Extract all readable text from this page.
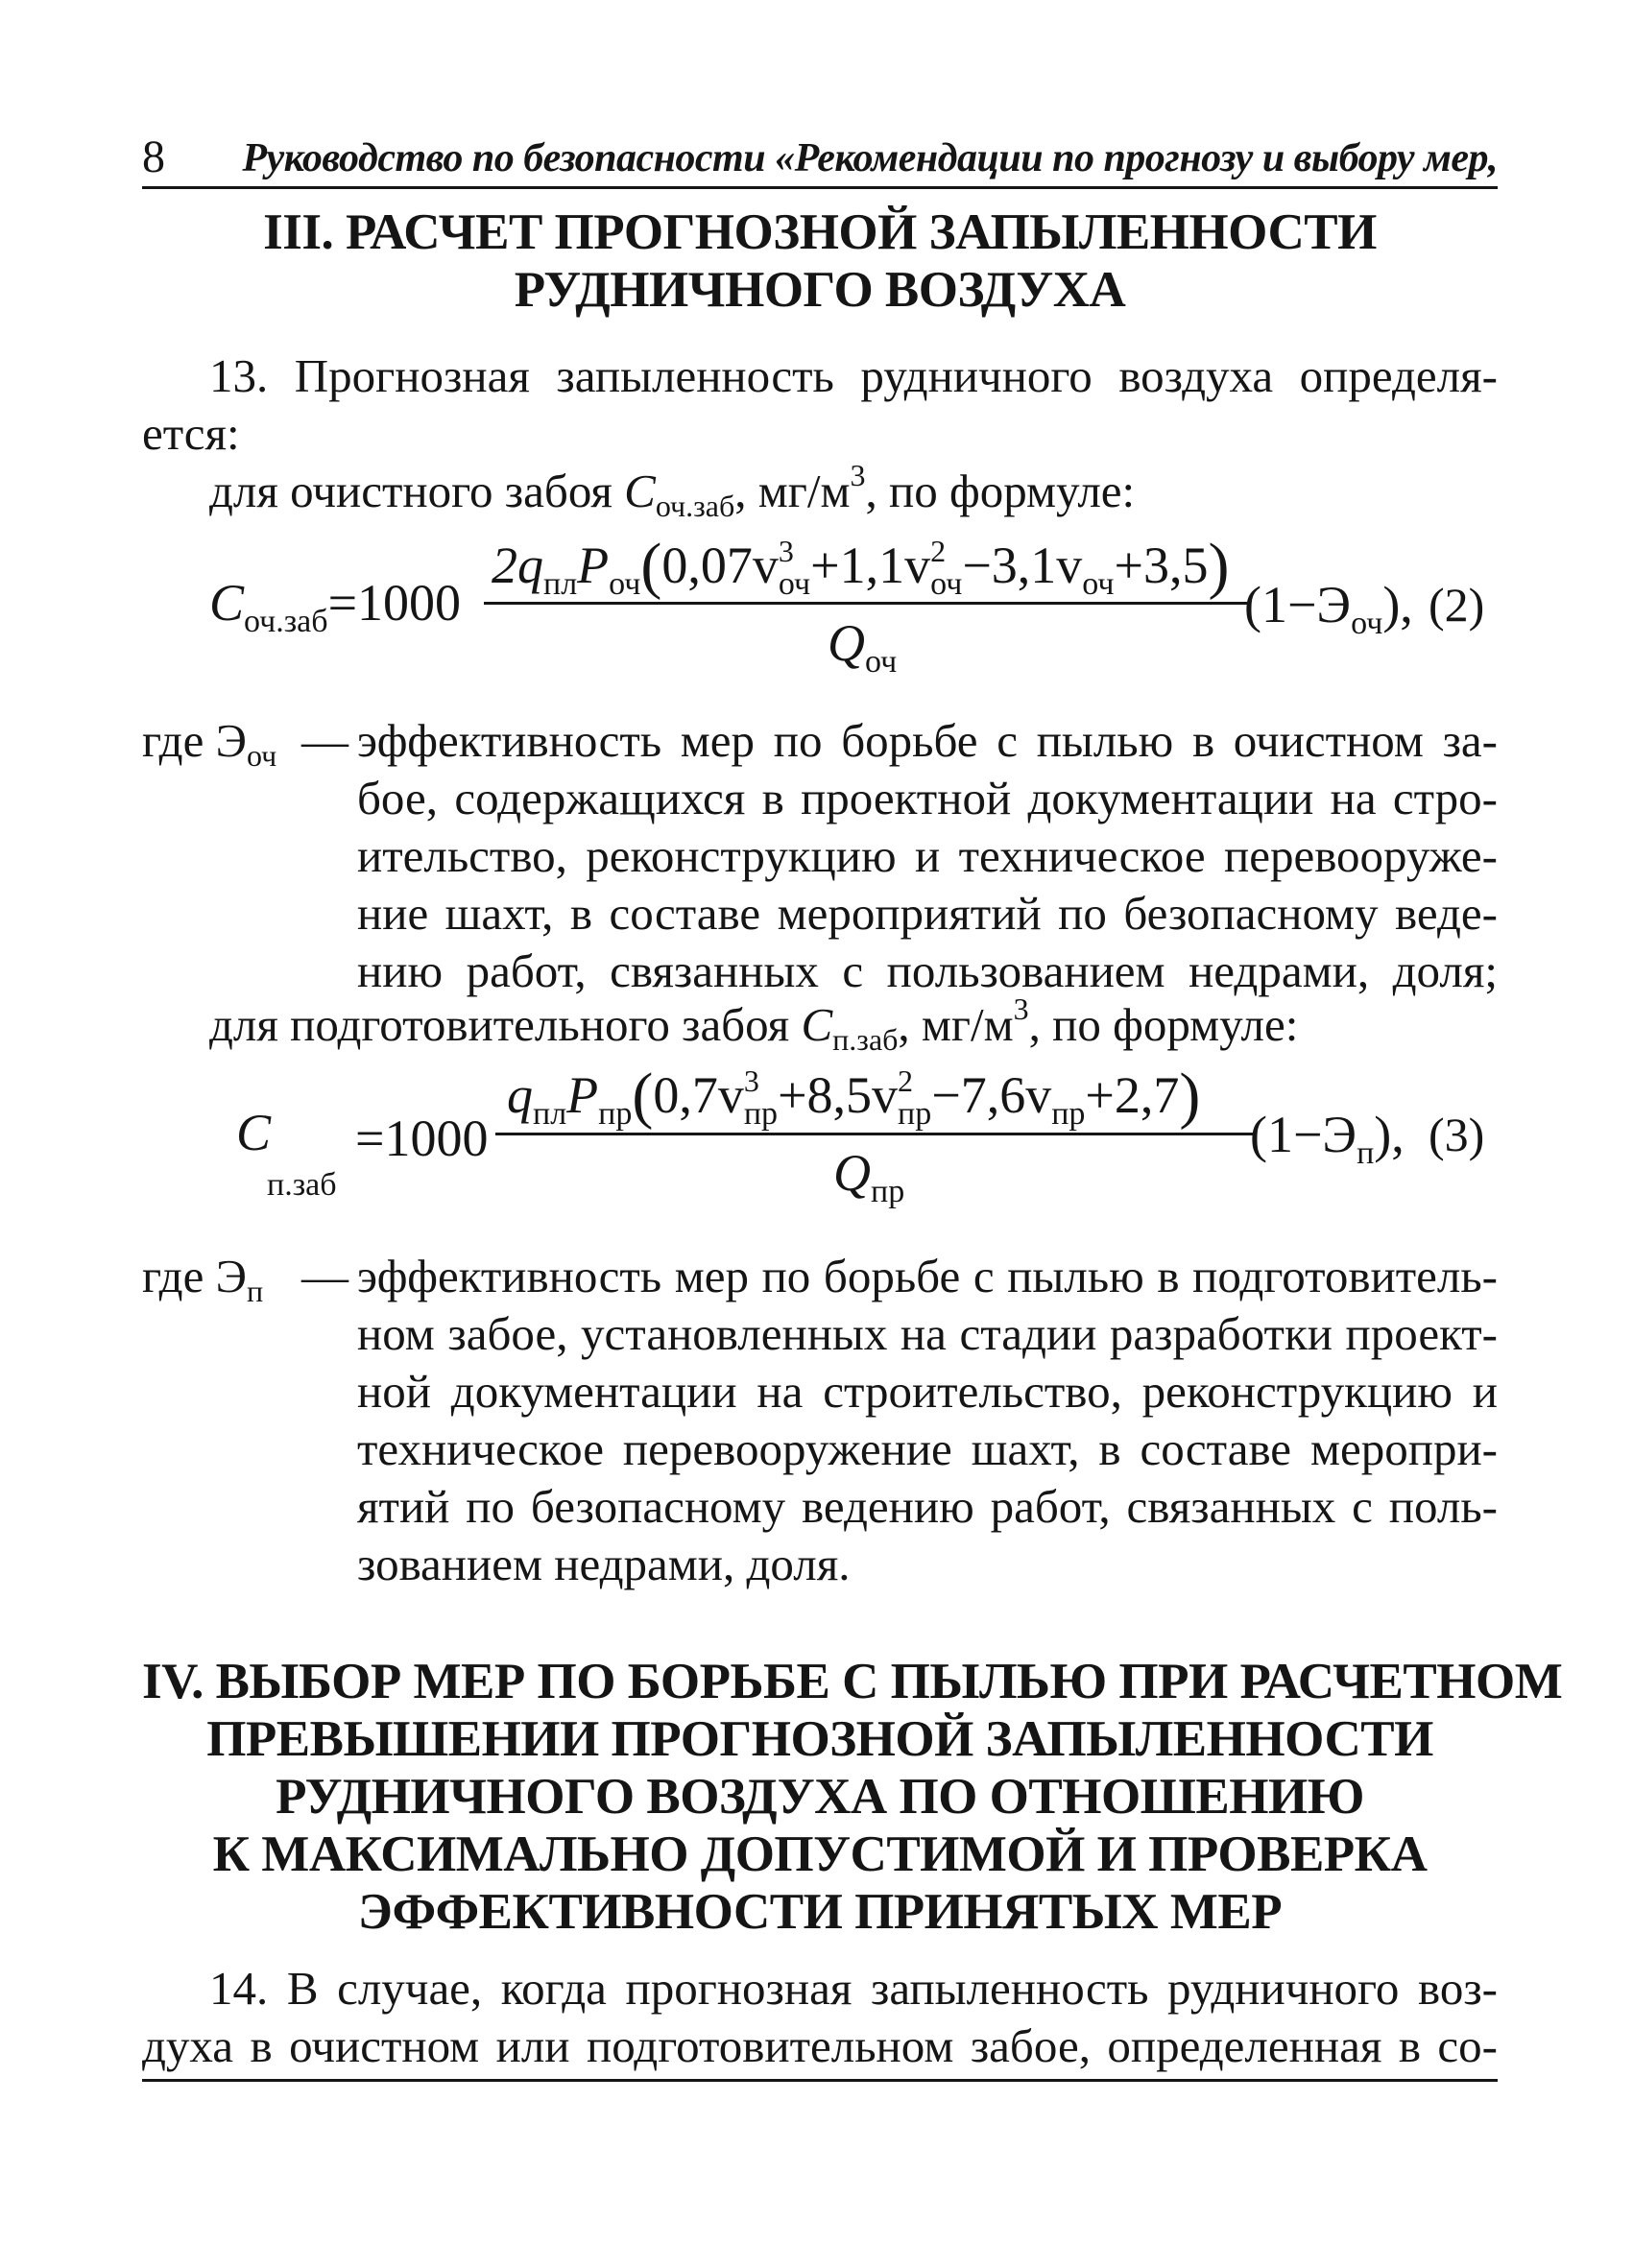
8 Руководство по безопасности «Рекомендации по прогнозу и выбору мер,
III. РАСЧЕТ ПРОГНОЗНОЙ ЗАПЫЛЕННОСТИ
РУДНИЧНОГО ВОЗДУХА
13. Прогнозная запыленность рудничного воздуха определя-
ется:
для очистного забоя $C_{оч.заб}$, $мг/м^3$, по формуле:
$C_{оч.заб}=1000$
$2q_{пл}P_{оч}(0,07v^3_{оч}+1,1v^2_{оч}-3,1v_{оч}+3,5)$
$Q_{оч}$
$(1-Э_{оч})$, (2)
где $Э_{оч}$ — эффективность мер по борьбе с пылью в очистном за-
бое, содержащихся в проектной документации на стро-
ительство, реконструкцию и техническое перевооруже-
ние шахт, в составе мероприятий по безопасному веде-
нию работ, связанных с пользованием недрами, доля;
для подготовительного забоя $C_{п.заб}$, $мг/м^3$, по формуле:
C
п.заб
=1000
$q_{пл}P_{пр}(0,7v^3_{пр}+8,5v^2_{пр}-7,6v_{пр}+2,7)$
$Q_{пр}$
$(1-Э_п)$, (3)
где $Э_п$ — эффективность мер по борьбе с пылью в подготовитель-
ном забое, установленных на стадии разработки проект-
ной документации на строительство, реконструкцию и
техническое перевооружение шахт, в составе меропри-
ятий по безопасному ведению работ, связанных с поль-
зованием недрами, доля.
IV. ВЫБОР МЕР ПО БОРЬБЕ С ПЫЛЬЮ ПРИ РАСЧЕТНОМ
ПРЕВЫШЕНИИ ПРОГНОЗНОЙ ЗАПЫЛЕННОСТИ
РУДНИЧНОГО ВОЗДУХА ПО ОТНОШЕНИЮ
К МАКСИМАЛЬНО ДОПУСТИМОЙ И ПРОВЕРКА
ЭФФЕКТИВНОСТИ ПРИНЯТЫХ МЕР
14. В случае, когда прогнозная запыленность рудничного воз-
духа в очистном или подготовительном забое, определенная в со-
